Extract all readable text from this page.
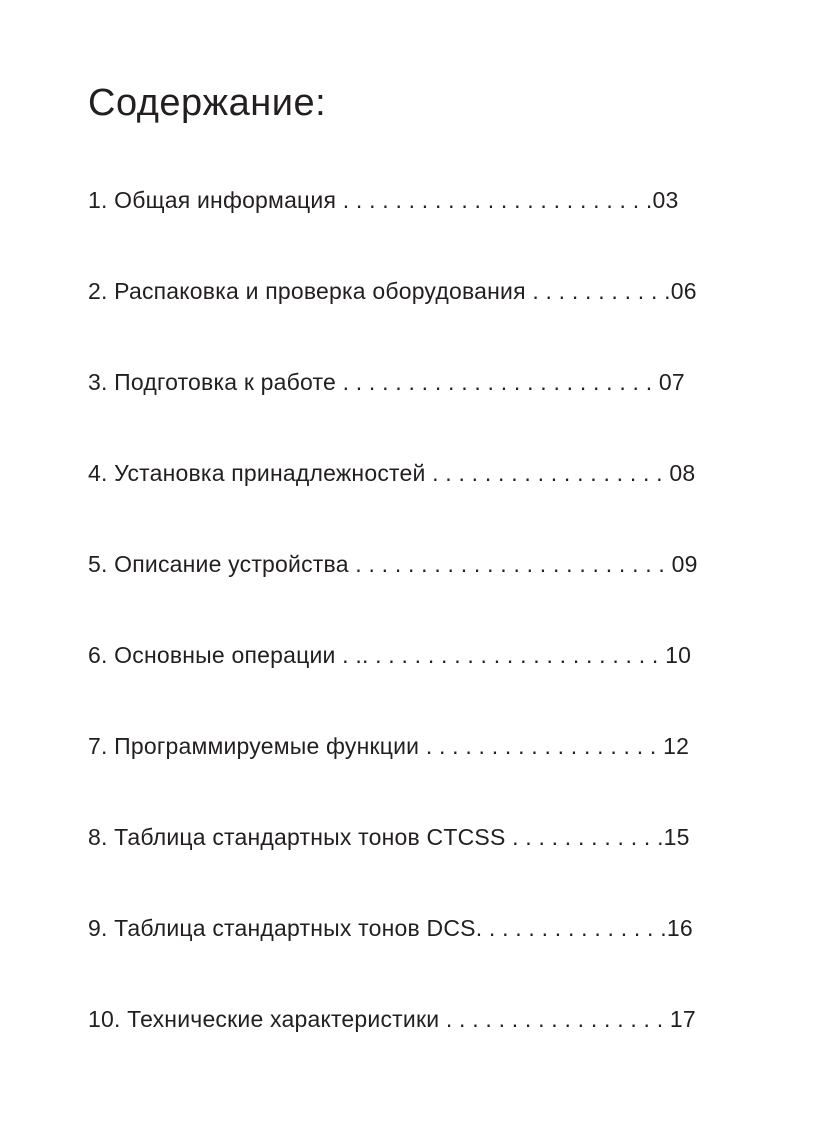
Содержание:
1. Общая информация . . . . . . . . . . . . . . . . . . . . . . . .03
2. Распаковка и проверка оборудования . . . . . . . . . . .06
3. Подготовка к работе . . . . . . . . . . . . . . . . . . . . . . . . 07
4. Установка принадлежностей . . . . . . . . . . . . . . . . . . 08
5. Описание устройства . . . . . . . . . . . . . . . . . . . . . . . . 09
6. Основные операции . .. . . . . . . . . . . . . . . . . . . . . . . 10
7. Программируемые функции . . . . . . . . . . . . . . . . . . 12
8. Таблица стандартных тонов CTCSS . . . . . . . . . . . .15
9. Таблица стандартных тонов DCS. . . . . . . . . . . . . . .16
10. Технические характеристики . . . . . . . . . . . . . . . . . 17
